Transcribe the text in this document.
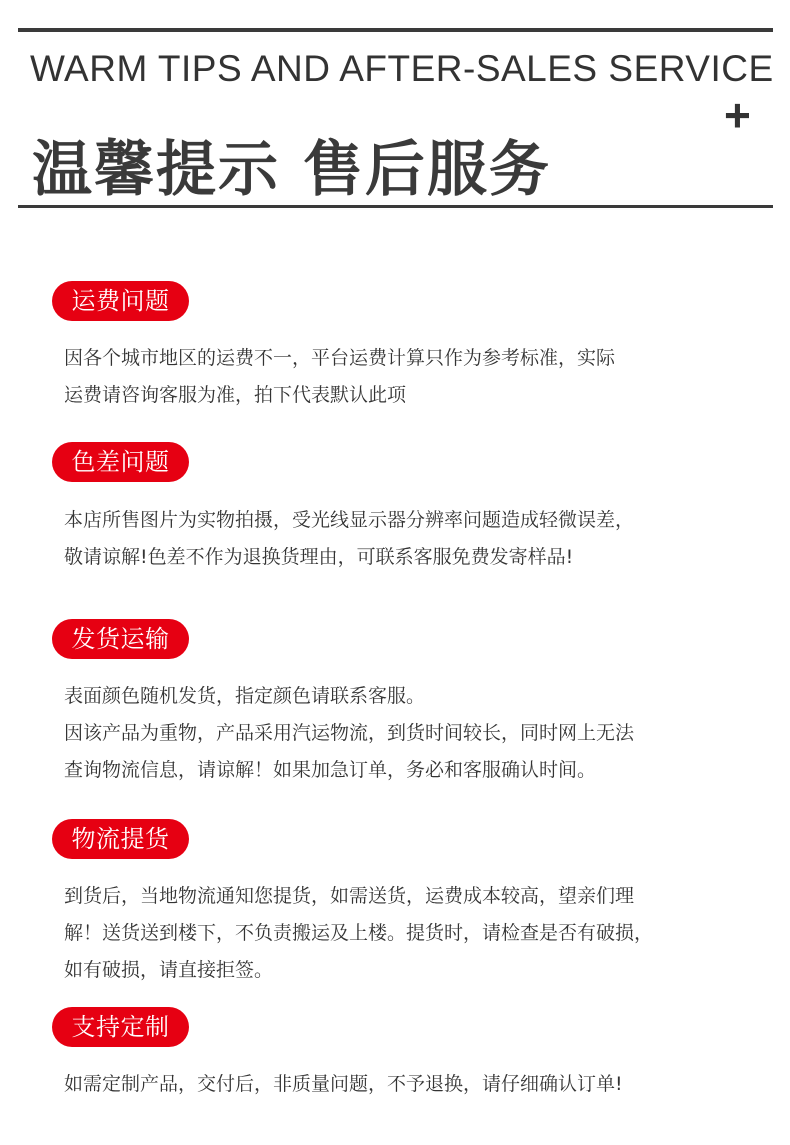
WARM TIPS AND AFTER-SALES SERVICE
+
温馨提示 售后服务
运费问题
因各个城市地区的运费不一，平台运费计算只作为参考标准，实际
运费请咨询客服为准，拍下代表默认此项
色差问题
本店所售图片为实物拍摄，受光线显示器分辨率问题造成轻微误差，
敬请谅解!色差不作为退换货理由，可联系客服免费发寄样品!
发货运输
表面颜色随机发货，指定颜色请联系客服。
因该产品为重物，产品采用汽运物流，到货时间较长，同时网上无法
查询物流信息，请谅解！如果加急订单，务必和客服确认时间。
物流提货
到货后，当地物流通知您提货，如需送货，运费成本较高，望亲们理
解！送货送到楼下，不负责搬运及上楼。提货时，请检查是否有破损，
如有破损，请直接拒签。
支持定制
如需定制产品，交付后，非质量问题，不予退换，请仔细确认订单!
